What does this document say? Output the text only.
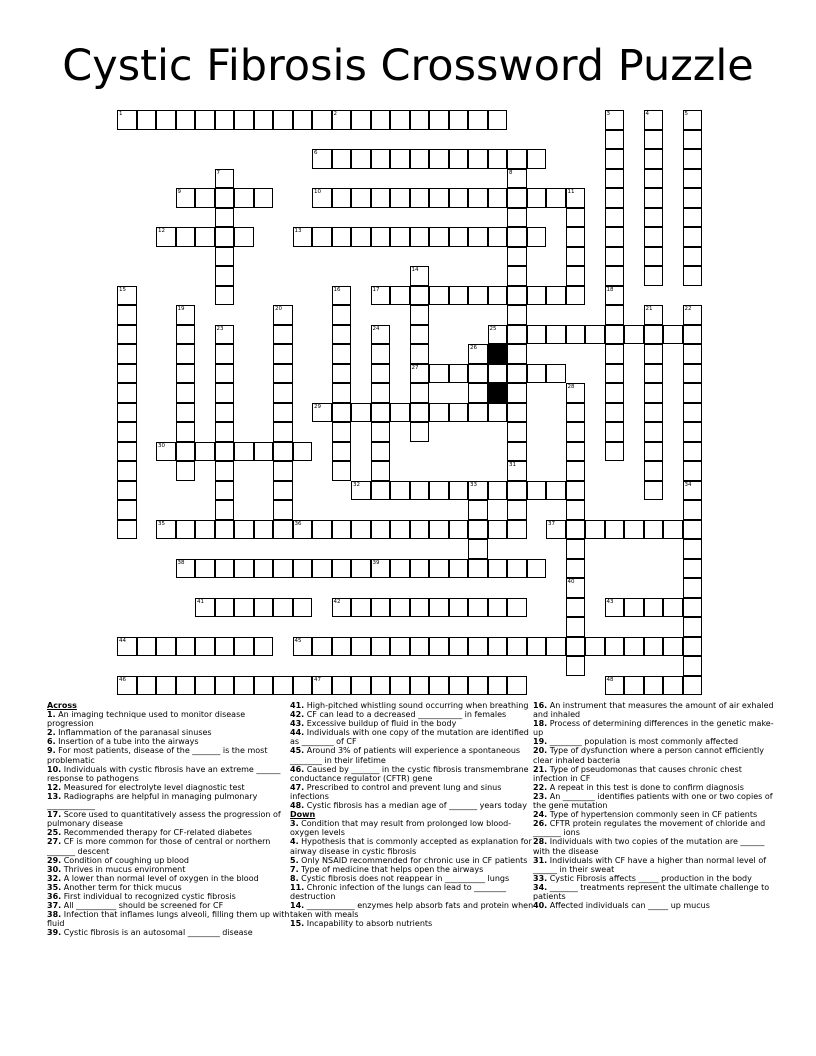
Cystic Fibrosis Crossword Puzzle
1	2	3	4	5
6
7	8
31
9	10	11
12	13
14
27
15	16	17	18
19	20	21	22
23	24	25
26
28
29
30
32	33	34
35	36	37
38	39
40
41	42	43
44	45
46	47	48
Across
1. An imaging technique used to monitor disease progression
2. Inflammation of the paranasal sinuses
6. Insertion of a tube into the airways
9. For most patients, disease of the _______ is the most problematic
10. Individuals with cystic fibrosis have an extreme ______ response to pathogens
12. Measured for electrolyte level diagnostic test
13. Radiographs are helpful in managing pulmonary ____________
17. Score used to quantitatively assess the progression of pulmonary disease
25. Recommended therapy for CF-related diabetes
27. CF is more common for those of central or northern _______ descent
29. Condition of coughing up blood
30. Thrives in mucus environment
32. A lower than normal level of oxygen in the blood
35. Another term for thick mucus
36. First individual to recognized cystic fibrosis
37. All __________ should be screened for CF
38. Infection that inflames lungs alveoli, filling them up with fluid
39. Cystic fibrosis is an autosomal ________ disease
41. High-pitched whistling sound occurring when breathing
42. CF can lead to a decreased ___________ in females
43. Excessive buildup of fluid in the body
44. Individuals with one copy of the mutation are identified as ________ of CF
45. Around 3% of patients will experience a spontaneous ________ in their lifetime
46. Caused by _______ in the cystic fibrosis transmembrane conductance regulator (CFTR) gene
47. Prescribed to control and prevent lung and sinus infections
48. Cystic fibrosis has a median age of _______ years today
Down
3. Condition that may result from prolonged low blood-oxygen levels
4. Hypothesis that is commonly accepted as explanation for airway disease in cystic fibrosis
5. Only NSAID recommended for chronic use in CF patients
7. Type of medicine that helps open the airways
8. Cystic fibrosis does not reappear in __________ lungs
11. Chronic infection of the lungs can lead to ________ destruction
14. ____________ enzymes help absorb fats and protein when taken with meals
15. Incapability to absorb nutrients
16. An instrument that measures the amount of air exhaled and inhaled
18. Process of determining differences in the genetic make-up
19. ________ population is most commonly affected
20. Type of dysfunction where a person cannot efficiently clear inhaled bacteria
21. Type of pseudomonas that causes chronic chest infection in CF
22. A repeat in this test is done to confirm diagnosis
23. An ________ identifies patients with one or two copies of the gene mutation
24. Type of hypertension commonly seen in CF patients
26. CFTR protein regulates the movement of chloride and _______ ions
28. Individuals with two copies of the mutation are ______ with the disease
31. Individuals with CF have a higher than normal level of ______ in their sweat
33. Cystic Fibrosis affects _____ production in the body
34. _______ treatments represent the ultimate challenge to patients
40. Affected individuals can _____ up mucus
